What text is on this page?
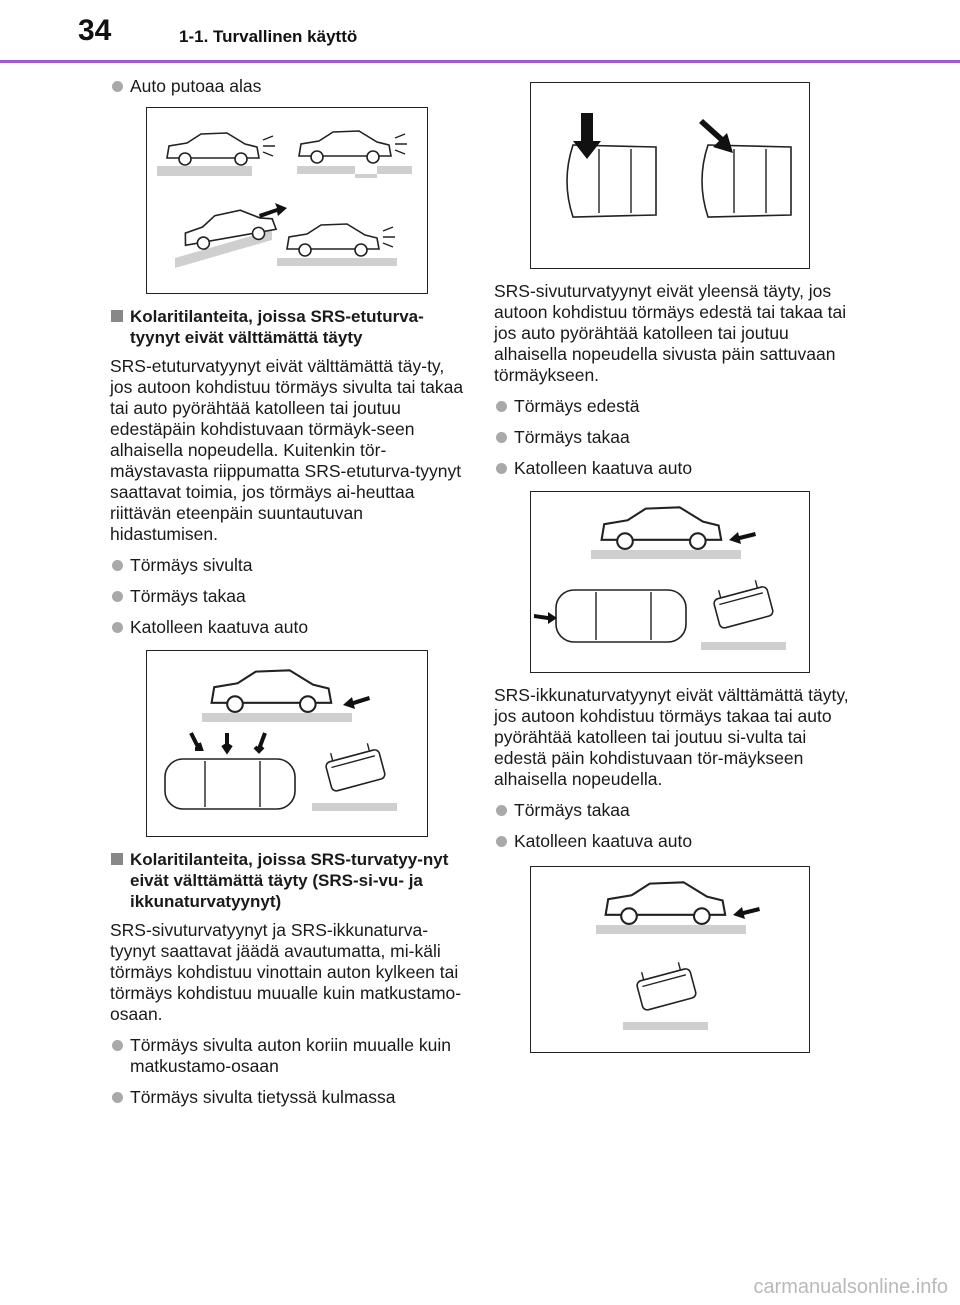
34	1-1. Turvallinen käyttö
Auto putoaa alas
Kolaritilanteita, joissa SRS-etuturva-tyynyt eivät välttämättä täyty
SRS-etuturvatyynyt eivät välttämättä täy-ty, jos autoon kohdistuu törmäys sivulta tai takaa tai auto pyörähtää katolleen tai joutuu edestäpäin kohdistuvaan törmäyk-seen alhaisella nopeudella. Kuitenkin tör-mäystavasta riippumatta SRS-etuturva-tyynyt saattavat toimia, jos törmäys ai-heuttaa riittävän eteenpäin suuntautuvan hidastumisen.
Törmäys sivulta
Törmäys takaa
Katolleen kaatuva auto
Kolaritilanteita, joissa SRS-turvatyy-nyt eivät välttämättä täyty (SRS-si-vu- ja ikkunaturvatyynyt)
SRS-sivuturvatyynyt ja SRS-ikkunaturva-tyynyt saattavat jäädä avautumatta, mi-käli törmäys kohdistuu vinottain auton kylkeen tai törmäys kohdistuu muualle kuin matkustamo-osaan.
Törmäys sivulta auton koriin muualle kuin matkustamo-osaan
Törmäys sivulta tietyssä kulmassa
SRS-sivuturvatyynyt eivät yleensä täyty, jos autoon kohdistuu törmäys edestä tai takaa tai jos auto pyörähtää katolleen tai joutuu alhaisella nopeudella sivusta päin sattuvaan törmäykseen.
Törmäys edestä
Törmäys takaa
Katolleen kaatuva auto
SRS-ikkunaturvatyynyt eivät välttämättä täyty, jos autoon kohdistuu törmäys takaa tai auto pyörähtää katolleen tai joutuu si-vulta tai edestä päin kohdistuvaan tör-mäykseen alhaisella nopeudella.
Törmäys takaa
Katolleen kaatuva auto
carmanualsonline.info
